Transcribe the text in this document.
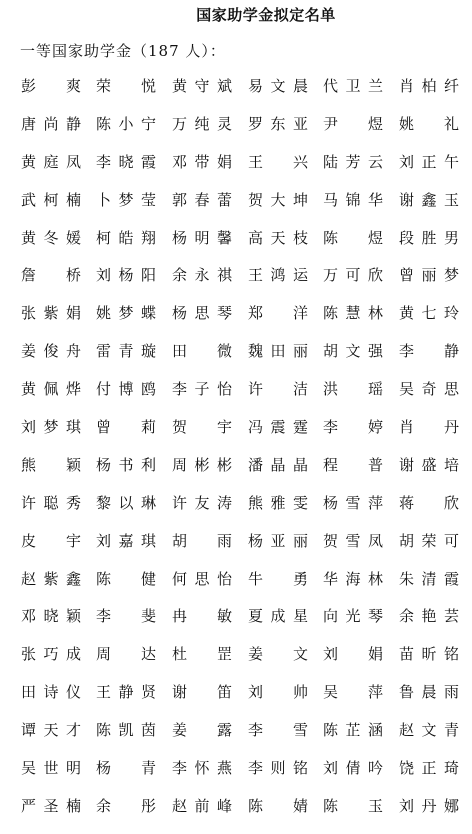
国家助学金拟定名单
一等国家助学金（187 人）：
彭 爽 荣 悦 黄守斌 易文晨 代卫兰 肖柏纤
唐尚静 陈小宁 万纯灵 罗东亚 尹 煜 姚 礼
黄庭凤 李晓霞 邓带娟 王 兴 陆芳云 刘正午
武柯楠 卜梦莹 郭春蕾 贺大坤 马锦华 谢鑫玉
黄冬媛 柯皓翔 杨明馨 高天枝 陈 煜 段胜男
詹 桥 刘杨阳 余永祺 王鸿运 万可欣 曾丽梦
张紫娟 姚梦蝶 杨思琴 郑 洋 陈慧林 黄七玲
姜俊舟 雷青璇 田 微 魏田丽 胡文强 李 静
黄佩烨 付博鸥 李子怡 许 洁 洪 瑶 吴奇思
刘梦琪 曾 莉 贺 宇 冯震霆 李 婷 肖 丹
熊 颖 杨书利 周彬彬 潘晶晶 程 普 谢盛培
许聪秀 黎以琳 许友涛 熊雅雯 杨雪萍 蒋 欣
皮 宇 刘嘉琪 胡 雨 杨亚丽 贺雪凤 胡荣可
赵紫鑫 陈 健 何思怡 牛 勇 华海林 朱清霞
邓晓颖 李 斐 冉 敏 夏成星 向光琴 余艳芸
张巧成 周 达 杜 罡 姜 文 刘 娟 苗昕铭
田诗仪 王静贤 谢 笛 刘 帅 吴 萍 鲁晨雨
谭天才 陈凯茵 姜 露 李 雪 陈芷涵 赵文青
吴世明 杨 青 李怀燕 李则铭 刘倩吟 饶正琦
严圣楠 余 彤 赵前峰 陈 婧 陈 玉 刘丹娜
